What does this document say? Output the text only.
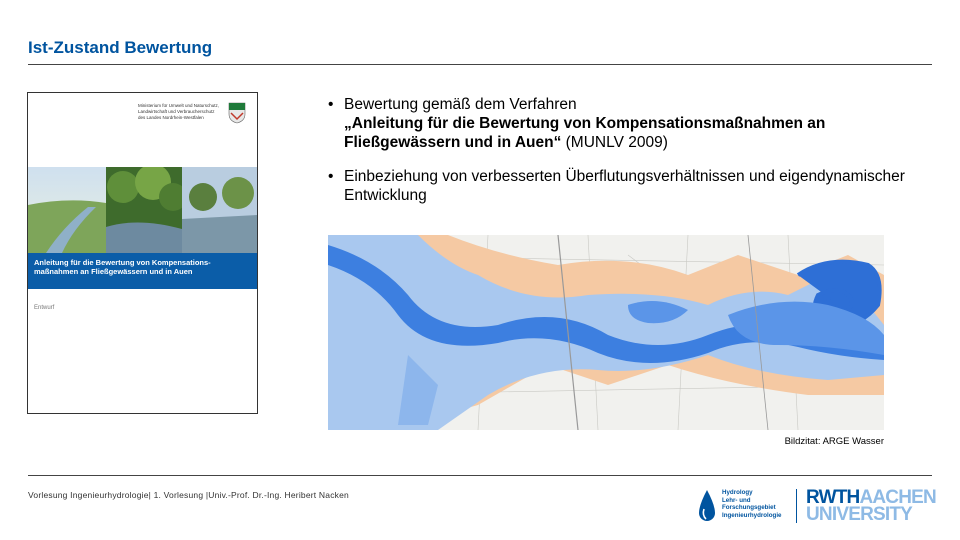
Ist-Zustand Bewertung
Ministerium für Umwelt und Naturschutz,
Landwirtschaft und Verbraucherschutz
des Landes Nordrhein-Westfalen
Anleitung für die Bewertung von Kompensations-
maßnahmen an Fließgewässern und in Auen
Entwurf
• Bewertung gemäß dem Verfahren
„Anleitung für die Bewertung von Kompensationsmaßnahmen an Fließgewässern und in Auen“ (MUNLV 2009)
• Einbeziehung von verbesserten Überflutungsverhältnissen und eigendynamischer Entwicklung
Bildzitat: ARGE Wasser
Vorlesung Ingenieurhydrologie| 1. Vorlesung |Univ.-Prof. Dr.-Ing. Heribert Nacken	Hydrology
Lehr- und
Forschungsgebiet
Ingenieurhydrologie
RWTHAACHEN
UNIVERSITY
